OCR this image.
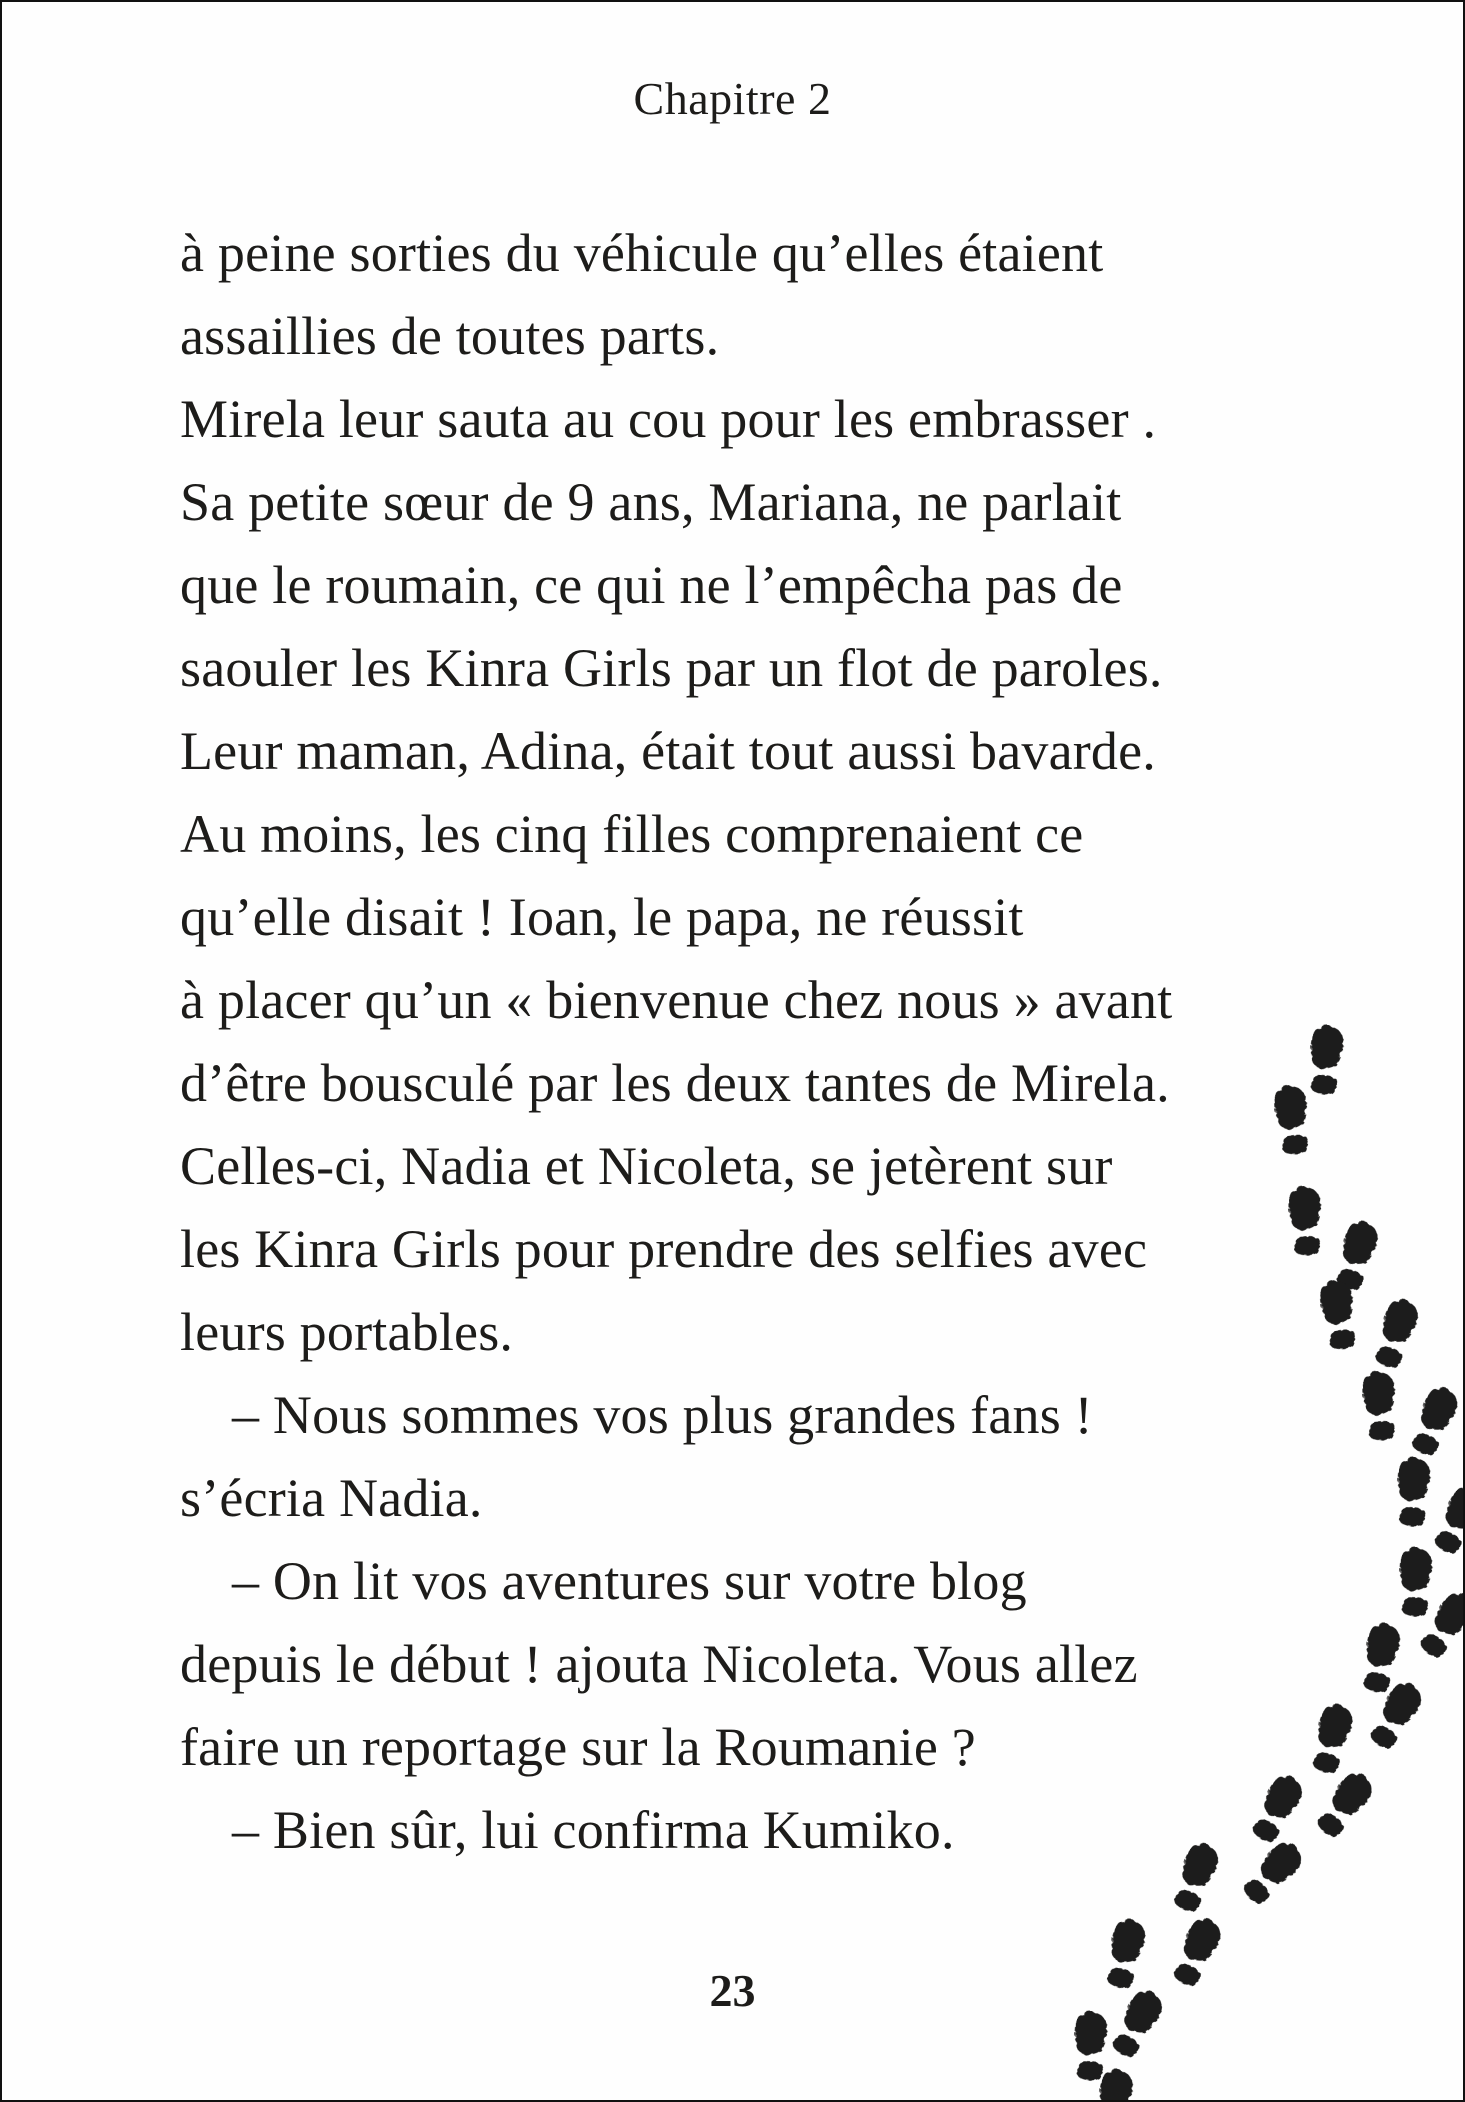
Chapitre 2
à peine sorties du véhicule qu’elles étaient
assaillies de toutes parts.
Mirela leur sauta au cou pour les embrasser .
Sa petite sœur de 9 ans, Mariana, ne parlait
que le roumain, ce qui ne l’empêcha pas de
saouler les Kinra Girls par un flot de paroles.
Leur maman, Adina, était tout aussi bavarde.
Au moins, les cinq filles comprenaient ce
qu’elle disait ! Ioan, le papa, ne réussit
à placer qu’un « bienvenue chez nous » avant
d’être bousculé par les deux tantes de Mirela.
Celles-ci, Nadia et Nicoleta, se jetèrent sur
les Kinra Girls pour prendre des selfies avec
leurs portables.
– Nous sommes vos plus grandes fans !
s’écria Nadia.
– On lit vos aventures sur votre blog
depuis le début ! ajouta Nicoleta. Vous allez
faire un reportage sur la Roumanie ?
– Bien sûr, lui confirma Kumiko.
23
